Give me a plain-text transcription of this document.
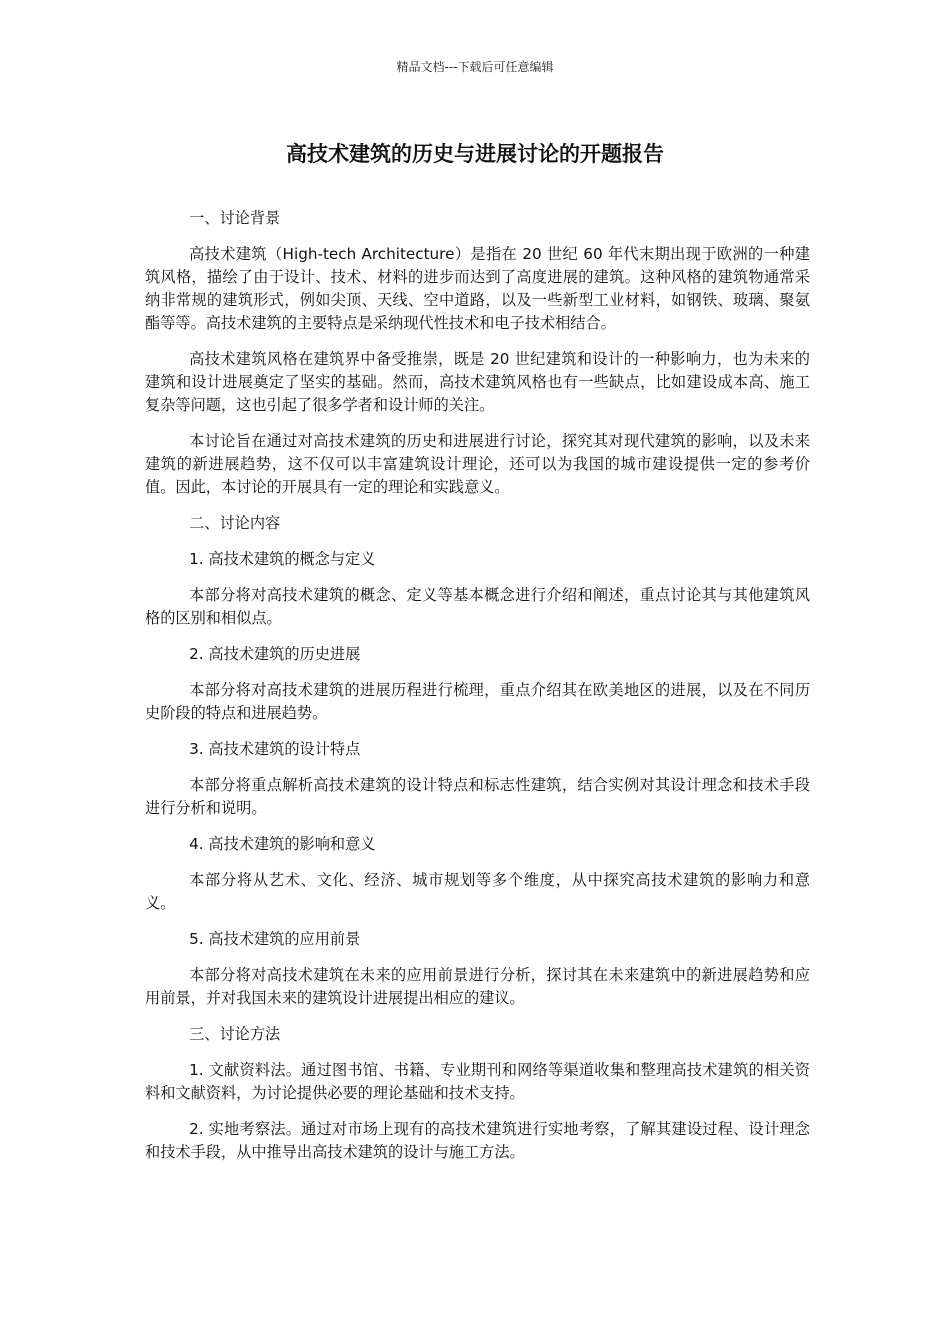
精品文档---下载后可任意编辑
高技术建筑的历史与进展讨论的开题报告

一、讨论背景

高技术建筑（High-tech Architecture）是指在 20 世纪 60 年代末期出现于欧洲的一种建筑风格，描绘了由于设计、技术、材料的进步而达到了高度进展的建筑。这种风格的建筑物通常采纳非常规的建筑形式，例如尖顶、天线、空中道路，以及一些新型工业材料，如钢铁、玻璃、聚氨酯等等。高技术建筑的主要特点是采纳现代性技术和电子技术相结合。

高技术建筑风格在建筑界中备受推崇，既是 20 世纪建筑和设计的一种影响力，也为未来的建筑和设计进展奠定了坚实的基础。然而，高技术建筑风格也有一些缺点，比如建设成本高、施工复杂等问题，这也引起了很多学者和设计师的关注。

本讨论旨在通过对高技术建筑的历史和进展进行讨论，探究其对现代建筑的影响，以及未来建筑的新进展趋势，这不仅可以丰富建筑设计理论，还可以为我国的城市建设提供一定的参考价值。因此，本讨论的开展具有一定的理论和实践意义。

二、讨论内容

1. 高技术建筑的概念与定义

本部分将对高技术建筑的概念、定义等基本概念进行介绍和阐述，重点讨论其与其他建筑风格的区别和相似点。

2. 高技术建筑的历史进展

本部分将对高技术建筑的进展历程进行梳理，重点介绍其在欧美地区的进展，以及在不同历史阶段的特点和进展趋势。

3. 高技术建筑的设计特点

本部分将重点解析高技术建筑的设计特点和标志性建筑，结合实例对其设计理念和技术手段进行分析和说明。

4. 高技术建筑的影响和意义

本部分将从艺术、文化、经济、城市规划等多个维度，从中探究高技术建筑的影响力和意义。

5. 高技术建筑的应用前景

本部分将对高技术建筑在未来的应用前景进行分析，探讨其在未来建筑中的新进展趋势和应用前景，并对我国未来的建筑设计进展提出相应的建议。

三、讨论方法

1. 文献资料法。通过图书馆、书籍、专业期刊和网络等渠道收集和整理高技术建筑的相关资料和文献资料，为讨论提供必要的理论基础和技术支持。

2. 实地考察法。通过对市场上现有的高技术建筑进行实地考察，了解其建设过程、设计理念和技术手段，从中推导出高技术建筑的设计与施工方法。
